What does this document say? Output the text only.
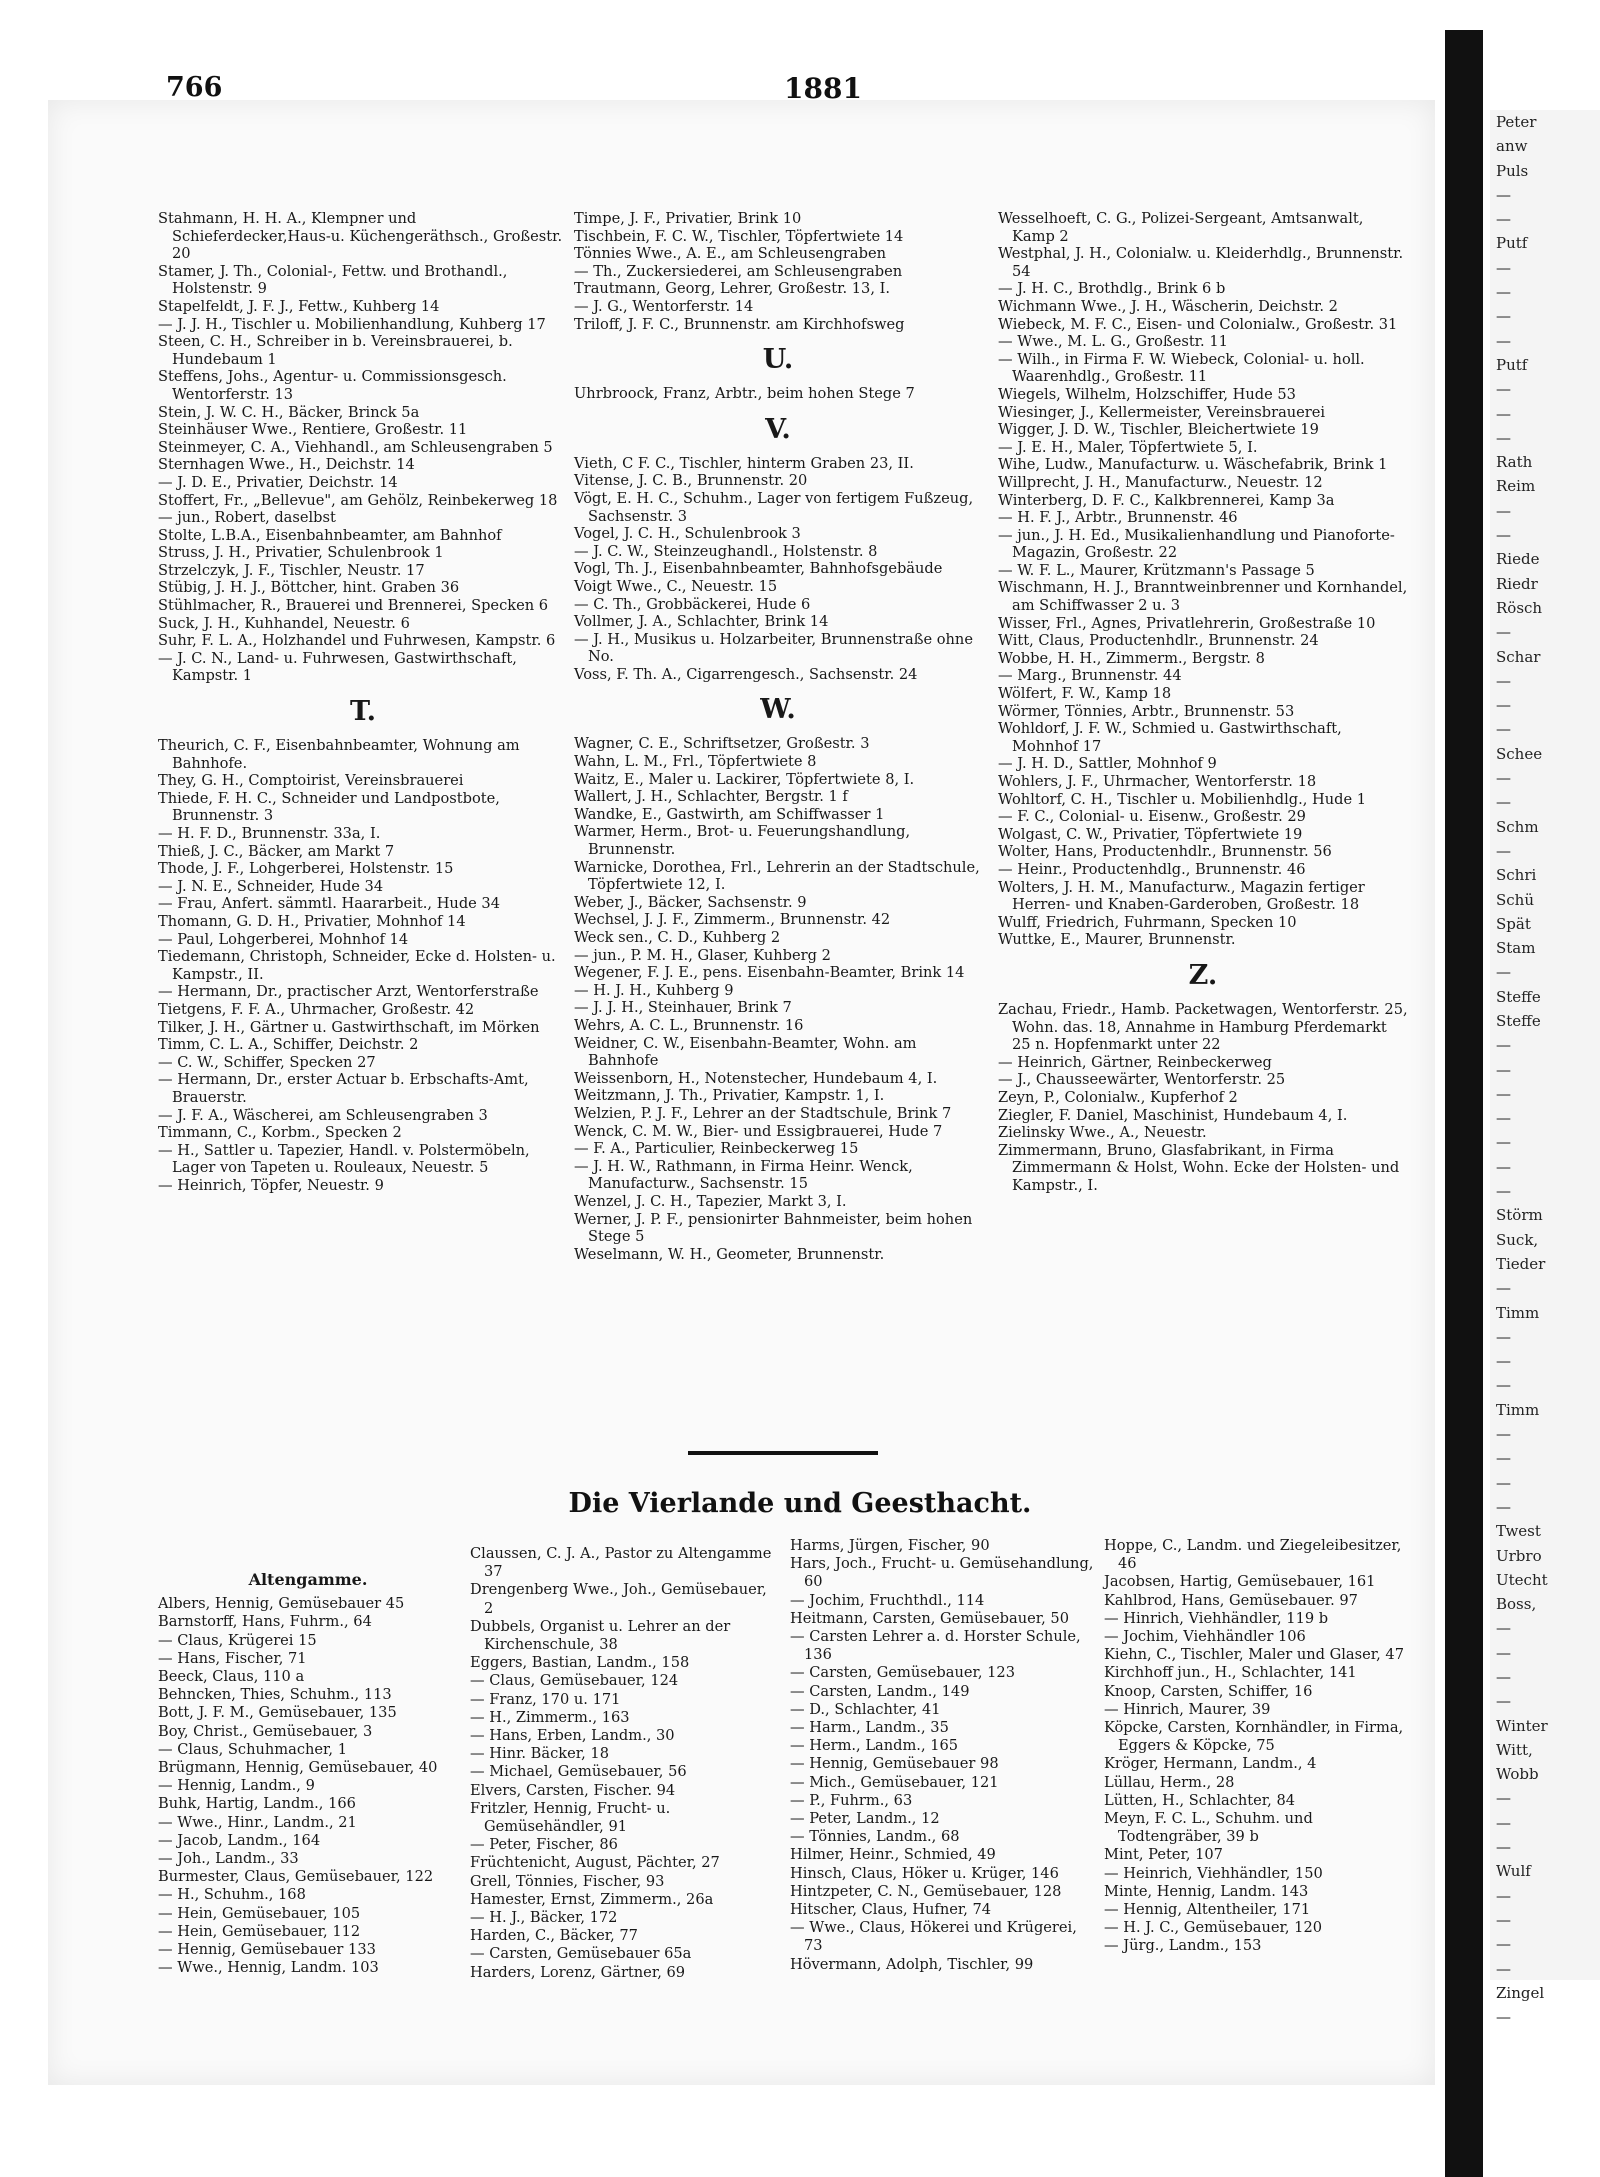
Peter
anw
Puls
—
—
Putf
—
—
—
—
Putf
—
—
—
Rath
Reim
—
—
Riede
Riedr
Rösch
—
Schar
—
—
—
Schee
—
—
Schm
—
Schri
Schü
Spät
Stam
—
Steffe
Steffe
—
—
—
—
—
—
—
Störm
Suck,
Tieder
—
Timm
—
—
—
Timm
—
—
—
—
Twest
Urbro
Utecht
Boss,
—
—
—
—
Winter
Witt,
Wobb
—
—
—
Wulf
—
—
—
—
Zingel
—
766	1881
Stahmann, H. H. A., Klempner und Schieferdecker,Haus-u. Küchengeräthsch., Großestr. 20
Stamer, J. Th., Colonial-, Fettw. und Brothandl., Holstenstr. 9
Stapelfeldt, J. F. J., Fettw., Kuhberg 14
— J. J. H., Tischler u. Mobilienhandlung, Kuhberg 17
Steen, C. H., Schreiber in b. Vereinsbrauerei, b. Hundebaum 1
Steffens, Johs., Agentur- u. Commissionsgesch. Wentorferstr. 13
Stein, J. W. C. H., Bäcker, Brinck 5a
Steinhäuser Wwe., Rentiere, Großestr. 11
Steinmeyer, C. A., Viehhandl., am Schleusengraben 5
Sternhagen Wwe., H., Deichstr. 14
— J. D. E., Privatier, Deichstr. 14
Stoffert, Fr., „Bellevue", am Gehölz, Reinbekerweg 18
— jun., Robert, daselbst
Stolte, L.B.A., Eisenbahnbeamter, am Bahnhof
Struss, J. H., Privatier, Schulenbrook 1
Strzelczyk, J. F., Tischler, Neustr. 17
Stübig, J. H. J., Böttcher, hint. Graben 36
Stühlmacher, R., Brauerei und Brennerei, Specken 6
Suck, J. H., Kuhhandel, Neuestr. 6
Suhr, F. L. A., Holzhandel und Fuhrwesen, Kampstr. 6
— J. C. N., Land- u. Fuhrwesen, Gastwirthschaft, Kampstr. 1
T.
Theurich, C. F., Eisenbahnbeamter, Wohnung am Bahnhofe.
They, G. H., Comptoirist, Vereinsbrauerei
Thiede, F. H. C., Schneider und Landpostbote, Brunnenstr. 3
— H. F. D., Brunnenstr. 33a, I.
Thieß, J. C., Bäcker, am Markt 7
Thode, J. F., Lohgerberei, Holstenstr. 15
— J. N. E., Schneider, Hude 34
— Frau, Anfert. sämmtl. Haararbeit., Hude 34
Thomann, G. D. H., Privatier, Mohnhof 14
— Paul, Lohgerberei, Mohnhof 14
Tiedemann, Christoph, Schneider, Ecke d. Holsten- u. Kampstr., II.
— Hermann, Dr., practischer Arzt, Wentorferstraße
Tietgens, F. F. A., Uhrmacher, Großestr. 42
Tilker, J. H., Gärtner u. Gastwirthschaft, im Mörken
Timm, C. L. A., Schiffer, Deichstr. 2
— C. W., Schiffer, Specken 27
— Hermann, Dr., erster Actuar b. Erbschafts-Amt, Brauerstr.
— J. F. A., Wäscherei, am Schleusengraben 3
Timmann, C., Korbm., Specken 2
— H., Sattler u. Tapezier, Handl. v. Polstermöbeln, Lager von Tapeten u. Rouleaux, Neuestr. 5
— Heinrich, Töpfer, Neuestr. 9
Timpe, J. F., Privatier, Brink 10
Tischbein, F. C. W., Tischler, Töpfertwiete 14
Tönnies Wwe., A. E., am Schleusengraben
— Th., Zuckersiederei, am Schleusengraben
Trautmann, Georg, Lehrer, Großestr. 13, I.
— J. G., Wentorferstr. 14
Triloff, J. F. C., Brunnenstr. am Kirchhofsweg
U.
Uhrbroock, Franz, Arbtr., beim hohen Stege 7
V.
Vieth, C F. C., Tischler, hinterm Graben 23, II.
Vitense, J. C. B., Brunnenstr. 20
Vögt, E. H. C., Schuhm., Lager von fertigem Fußzeug, Sachsenstr. 3
Vogel, J. C. H., Schulenbrook 3
— J. C. W., Steinzeughandl., Holstenstr. 8
Vogl, Th. J., Eisenbahnbeamter, Bahnhofsgebäude
Voigt Wwe., C., Neuestr. 15
— C. Th., Grobbäckerei, Hude 6
Vollmer, J. A., Schlachter, Brink 14
— J. H., Musikus u. Holzarbeiter, Brunnenstraße ohne No.
Voss, F. Th. A., Cigarrengesch., Sachsenstr. 24
W.
Wagner, C. E., Schriftsetzer, Großestr. 3
Wahn, L. M., Frl., Töpfertwiete 8
Waitz, E., Maler u. Lackirer, Töpfertwiete 8, I.
Wallert, J. H., Schlachter, Bergstr. 1 f
Wandke, E., Gastwirth, am Schiffwasser 1
Warmer, Herm., Brot- u. Feuerungshandlung, Brunnenstr.
Warnicke, Dorothea, Frl., Lehrerin an der Stadtschule, Töpfertwiete 12, I.
Weber, J., Bäcker, Sachsenstr. 9
Wechsel, J. J. F., Zimmerm., Brunnenstr. 42
Weck sen., C. D., Kuhberg 2
— jun., P. M. H., Glaser, Kuhberg 2
Wegener, F. J. E., pens. Eisenbahn-Beamter, Brink 14
— H. J. H., Kuhberg 9
— J. J. H., Steinhauer, Brink 7
Wehrs, A. C. L., Brunnenstr. 16
Weidner, C. W., Eisenbahn-Beamter, Wohn. am Bahnhofe
Weissenborn, H., Notenstecher, Hundebaum 4, I.
Weitzmann, J. Th., Privatier, Kampstr. 1, I.
Welzien, P. J. F., Lehrer an der Stadtschule, Brink 7
Wenck, C. M. W., Bier- und Essigbrauerei, Hude 7
— F. A., Particulier, Reinbeckerweg 15
— J. H. W., Rathmann, in Firma Heinr. Wenck, Manufacturw., Sachsenstr. 15
Wenzel, J. C. H., Tapezier, Markt 3, I.
Werner, J. P. F., pensionirter Bahnmeister, beim hohen Stege 5
Weselmann, W. H., Geometer, Brunnenstr.
Wesselhoeft, C. G., Polizei-Sergeant, Amtsanwalt, Kamp 2
Westphal, J. H., Colonialw. u. Kleiderhdlg., Brunnenstr. 54
— J. H. C., Brothdlg., Brink 6 b
Wichmann Wwe., J. H., Wäscherin, Deichstr. 2
Wiebeck, M. F. C., Eisen- und Colonialw., Großestr. 31
— Wwe., M. L. G., Großestr. 11
— Wilh., in Firma F. W. Wiebeck, Colonial- u. holl. Waarenhdlg., Großestr. 11
Wiegels, Wilhelm, Holzschiffer, Hude 53
Wiesinger, J., Kellermeister, Vereinsbrauerei
Wigger, J. D. W., Tischler, Bleichertwiete 19
— J. E. H., Maler, Töpfertwiete 5, I.
Wihe, Ludw., Manufacturw. u. Wäschefabrik, Brink 1
Willprecht, J. H., Manufacturw., Neuestr. 12
Winterberg, D. F. C., Kalkbrennerei, Kamp 3a
— H. F. J., Arbtr., Brunnenstr. 46
— jun., J. H. Ed., Musikalienhandlung und Pianoforte-Magazin, Großestr. 22
— W. F. L., Maurer, Krützmann's Passage 5
Wischmann, H. J., Branntweinbrenner und Kornhandel, am Schiffwasser 2 u. 3
Wisser, Frl., Agnes, Privatlehrerin, Großestraße 10
Witt, Claus, Productenhdlr., Brunnenstr. 24
Wobbe, H. H., Zimmerm., Bergstr. 8
— Marg., Brunnenstr. 44
Wölfert, F. W., Kamp 18
Wörmer, Tönnies, Arbtr., Brunnenstr. 53
Wohldorf, J. F. W., Schmied u. Gastwirthschaft, Mohnhof 17
— J. H. D., Sattler, Mohnhof 9
Wohlers, J. F., Uhrmacher, Wentorferstr. 18
Wohltorf, C. H., Tischler u. Mobilienhdlg., Hude 1
— F. C., Colonial- u. Eisenw., Großestr. 29
Wolgast, C. W., Privatier, Töpfertwiete 19
Wolter, Hans, Productenhdlr., Brunnenstr. 56
— Heinr., Productenhdlg., Brunnenstr. 46
Wolters, J. H. M., Manufacturw., Magazin fertiger Herren- und Knaben-Garderoben, Großestr. 18
Wulff, Friedrich, Fuhrmann, Specken 10
Wuttke, E., Maurer, Brunnenstr.
Z.
Zachau, Friedr., Hamb. Packetwagen, Wentorferstr. 25, Wohn. das. 18, Annahme in Hamburg Pferdemarkt 25 n. Hopfenmarkt unter 22
— Heinrich, Gärtner, Reinbeckerweg
— J., Chausseewärter, Wentorferstr. 25
Zeyn, P., Colonialw., Kupferhof 2
Ziegler, F. Daniel, Maschinist, Hundebaum 4, I.
Zielinsky Wwe., A., Neuestr.
Zimmermann, Bruno, Glasfabrikant, in Firma Zimmermann & Holst, Wohn. Ecke der Holsten- und Kampstr., I.
Die Vierlande und Geesthacht.
Altengamme.
Albers, Hennig, Gemüsebauer 45
Barnstorff, Hans, Fuhrm., 64
— Claus, Krügerei 15
— Hans, Fischer, 71
Beeck, Claus, 110 a
Behncken, Thies, Schuhm., 113
Bott, J. F. M., Gemüsebauer, 135
Boy, Christ., Gemüsebauer, 3
— Claus, Schuhmacher, 1
Brügmann, Hennig, Gemüsebauer, 40
— Hennig, Landm., 9
Buhk, Hartig, Landm., 166
— Wwe., Hinr., Landm., 21
— Jacob, Landm., 164
— Joh., Landm., 33
Burmester, Claus, Gemüsebauer, 122
— H., Schuhm., 168
— Hein, Gemüsebauer, 105
— Hein, Gemüsebauer, 112
— Hennig, Gemüsebauer 133
— Wwe., Hennig, Landm. 103
Claussen, C. J. A., Pastor zu Altengamme 37
Drengenberg Wwe., Joh., Gemüsebauer, 2
Dubbels, Organist u. Lehrer an der Kirchenschule, 38
Eggers, Bastian, Landm., 158
— Claus, Gemüsebauer, 124
— Franz, 170 u. 171
— H., Zimmerm., 163
— Hans, Erben, Landm., 30
— Hinr. Bäcker, 18
— Michael, Gemüsebauer, 56
Elvers, Carsten, Fischer. 94
Fritzler, Hennig, Frucht- u. Gemüsehändler, 91
— Peter, Fischer, 86
Früchtenicht, August, Pächter, 27
Grell, Tönnies, Fischer, 93
Hamester, Ernst, Zimmerm., 26a
— H. J., Bäcker, 172
Harden, C., Bäcker, 77
— Carsten, Gemüsebauer 65a
Harders, Lorenz, Gärtner, 69
Harms, Jürgen, Fischer, 90
Hars, Joch., Frucht- u. Gemüsehandlung, 60
— Jochim, Fruchthdl., 114
Heitmann, Carsten, Gemüsebauer, 50
— Carsten Lehrer a. d. Horster Schule, 136
— Carsten, Gemüsebauer, 123
— Carsten, Landm., 149
— D., Schlachter, 41
— Harm., Landm., 35
— Herm., Landm., 165
— Hennig, Gemüsebauer 98
— Mich., Gemüsebauer, 121
— P., Fuhrm., 63
— Peter, Landm., 12
— Tönnies, Landm., 68
Hilmer, Heinr., Schmied, 49
Hinsch, Claus, Höker u. Krüger, 146
Hintzpeter, C. N., Gemüsebauer, 128
Hitscher, Claus, Hufner, 74
— Wwe., Claus, Hökerei und Krügerei, 73
Hövermann, Adolph, Tischler, 99
Hoppe, C., Landm. und Ziegeleibesitzer, 46
Jacobsen, Hartig, Gemüsebauer, 161
Kahlbrod, Hans, Gemüsebauer. 97
— Hinrich, Viehhändler, 119 b
— Jochim, Viehhändler 106
Kiehn, C., Tischler, Maler und Glaser, 47
Kirchhoff jun., H., Schlachter, 141
Knoop, Carsten, Schiffer, 16
— Hinrich, Maurer, 39
Köpcke, Carsten, Kornhändler, in Firma, Eggers & Köpcke, 75
Kröger, Hermann, Landm., 4
Lüllau, Herm., 28
Lütten, H., Schlachter, 84
Meyn, F. C. L., Schuhm. und Todtengräber, 39 b
Mint, Peter, 107
— Heinrich, Viehhändler, 150
Minte, Hennig, Landm. 143
— Hennig, Altentheiler, 171
— H. J. C., Gemüsebauer, 120
— Jürg., Landm., 153
